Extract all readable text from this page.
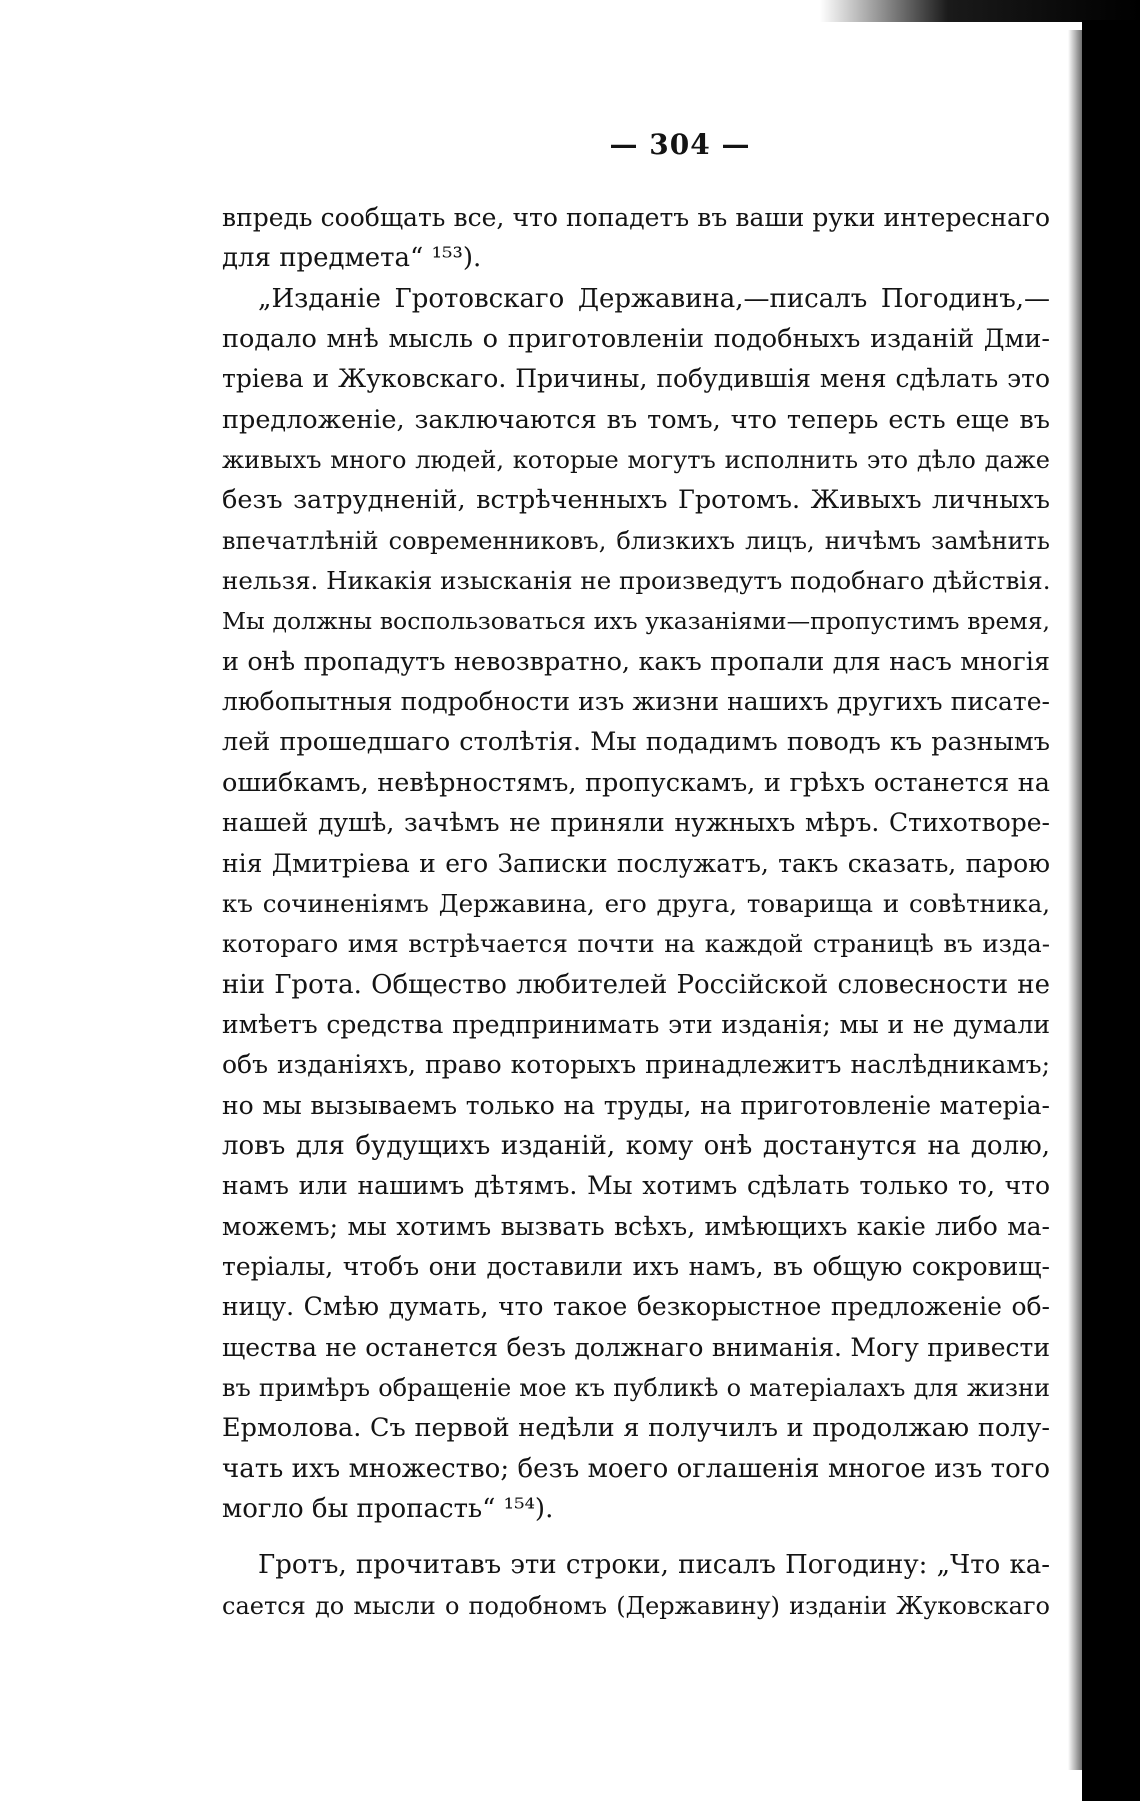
— 304 —
впредь сообщать все, что попадетъ въ ваши руки интереснаго
для предмета“ ¹⁵³).
„Изданіе Гротовскаго Державина,—писалъ Погодинъ,—
подало мнѣ мысль о приготовленіи подобныхъ изданій Дми-
тріева и Жуковскаго. Причины, побудившія меня сдѣлать это
предложеніе, заключаются въ томъ, что теперь есть еще въ
живыхъ много людей, которые могутъ исполнить это дѣло даже
безъ затрудненій, встрѣченныхъ Гротомъ. Живыхъ личныхъ
впечатлѣній современниковъ, близкихъ лицъ, ничѣмъ замѣнить
нельзя. Никакія изысканія не произведутъ подобнаго дѣйствія.
Мы должны воспользоваться ихъ указаніями—пропустимъ время,
и онѣ пропадутъ невозвратно, какъ пропали для насъ многія
любопытныя подробности изъ жизни нашихъ другихъ писате-
лей прошедшаго столѣтія. Мы подадимъ поводъ къ разнымъ
ошибкамъ, невѣрностямъ, пропускамъ, и грѣхъ останется на
нашей душѣ, зачѣмъ не приняли нужныхъ мѣръ. Стихотворе-
нія Дмитріева и его Записки послужатъ, такъ сказать, парою
къ сочиненіямъ Державина, его друга, товарища и совѣтника,
котораго имя встрѣчается почти на каждой страницѣ въ изда-
ніи Грота. Общество любителей Россійской словесности не
имѣетъ средства предпринимать эти изданія; мы и не думали
объ изданіяхъ, право которыхъ принадлежитъ наслѣдникамъ;
но мы вызываемъ только на труды, на приготовленіе матеріа-
ловъ для будущихъ изданій, кому онѣ достанутся на долю,
намъ или нашимъ дѣтямъ. Мы хотимъ сдѣлать только то, что
можемъ; мы хотимъ вызвать всѣхъ, имѣющихъ какіе либо ма-
теріалы, чтобъ они доставили ихъ намъ, въ общую сокровищ-
ницу. Смѣю думать, что такое безкорыстное предложеніе об-
щества не останется безъ должнаго вниманія. Могу привести
въ примѣръ обращеніе мое къ публикѣ о матеріалахъ для жизни
Ермолова. Съ первой недѣли я получилъ и продолжаю полу-
чать ихъ множество; безъ моего оглашенія многое изъ того
могло бы пропасть“ ¹⁵⁴).
Гротъ, прочитавъ эти строки, писалъ Погодину: „Что ка-
сается до мысли о подобномъ (Державину) изданіи Жуковскаго
